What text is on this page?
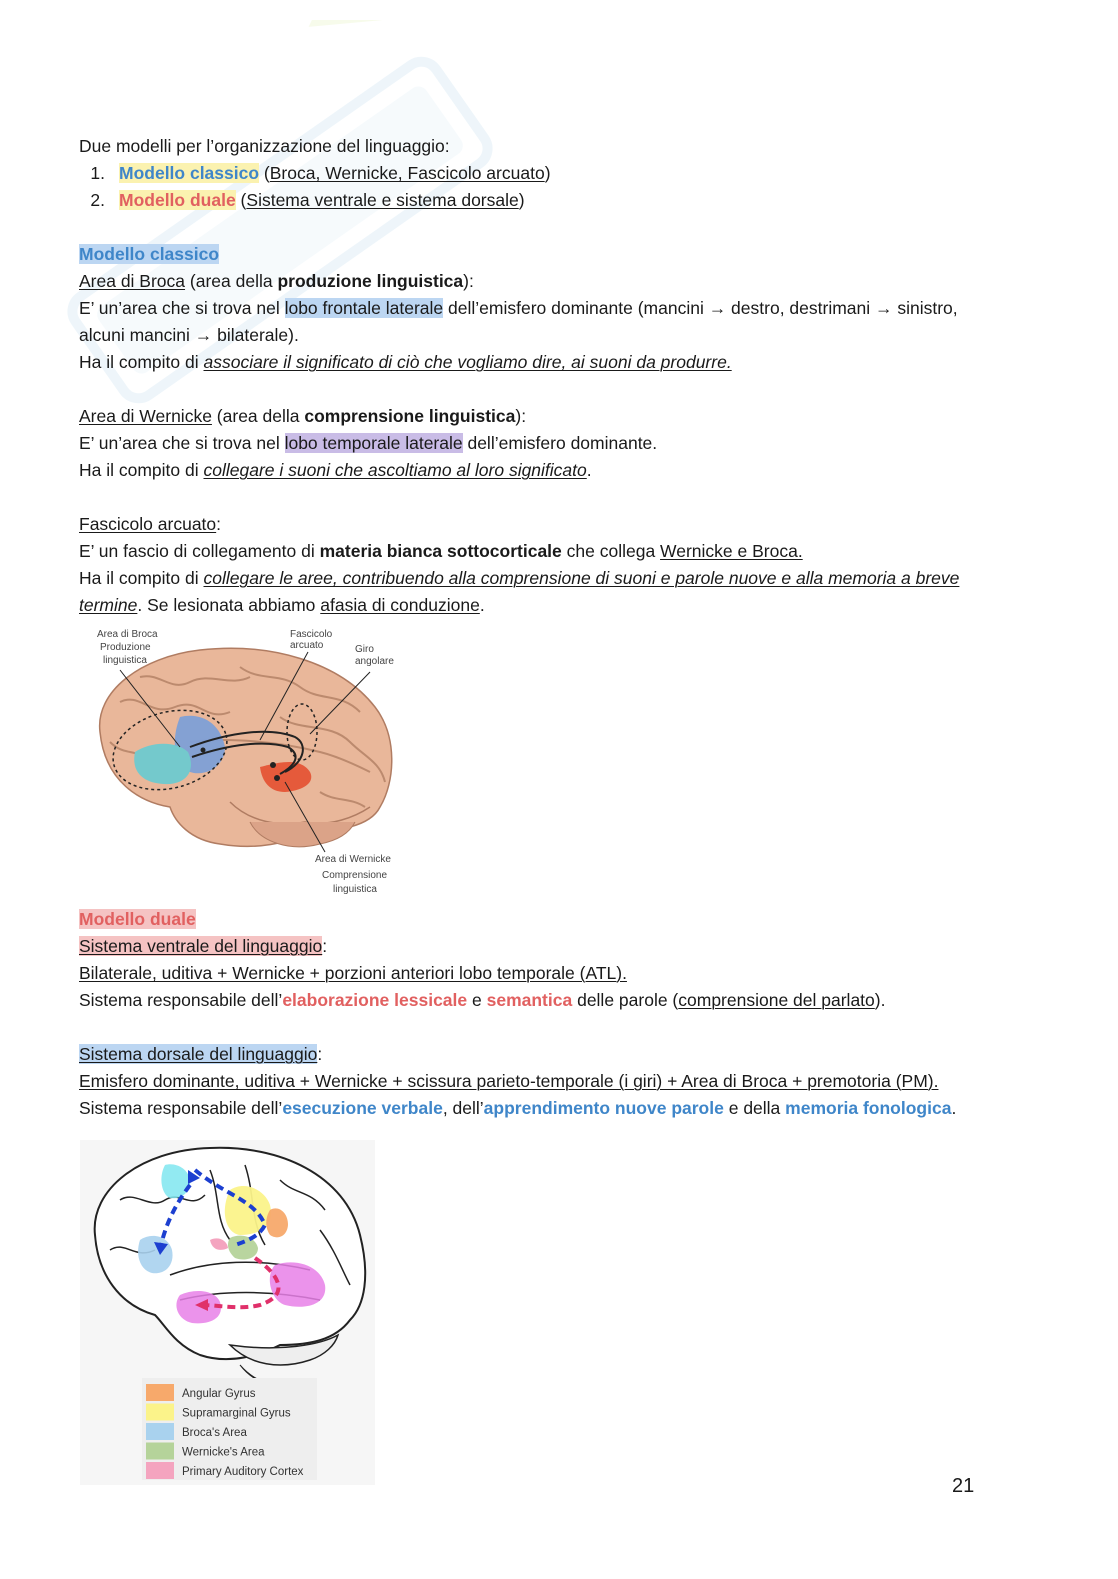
Due modelli per l’organizzazione del linguaggio:
1. Modello classico (Broca, Wernicke, Fascicolo arcuato)
2. Modello duale (Sistema ventrale e sistema dorsale)
Modello classico
Area di Broca (area della produzione linguistica):
E’ un’area che si trova nel lobo frontale laterale dell’emisfero dominante (mancini → destro, destrimani → sinistro,
alcuni mancini → bilaterale).
Ha il compito di associare il significato di ciò che vogliamo dire, ai suoni da produrre.
Area di Wernicke (area della comprensione linguistica):
E’ un’area che si trova nel lobo temporale laterale dell’emisfero dominante.
Ha il compito di collegare i suoni che ascoltiamo al loro significato.
Fascicolo arcuato:
E’ un fascio di collegamento di materia bianca sottocorticale che collega Wernicke e Broca.
Ha il compito di collegare le aree, contribuendo alla comprensione di suoni e parole nuove e alla memoria a breve
termine. Se lesionata abbiamo afasia di conduzione.
Area di Broca
Produzione
linguistica
Fascicolo
arcuato	Giro
angolare
Area di Wernicke
Comprensione
linguistica
Modello duale
Sistema ventrale del linguaggio:
Bilaterale, uditiva + Wernicke + porzioni anteriori lobo temporale (ATL).
Sistema responsabile dell’elaborazione lessicale e semantica delle parole (comprensione del parlato).
Sistema dorsale del linguaggio:
Emisfero dominante, uditiva + Wernicke + scissura parieto-temporale (i giri) + Area di Broca + premotoria (PM).
Sistema responsabile dell’esecuzione verbale, dell’apprendimento nuove parole e della memoria fonologica.
Angular Gyrus
Supramarginal Gyrus
Broca's Area
Wernicke's Area
Primary Auditory Cortex
21
